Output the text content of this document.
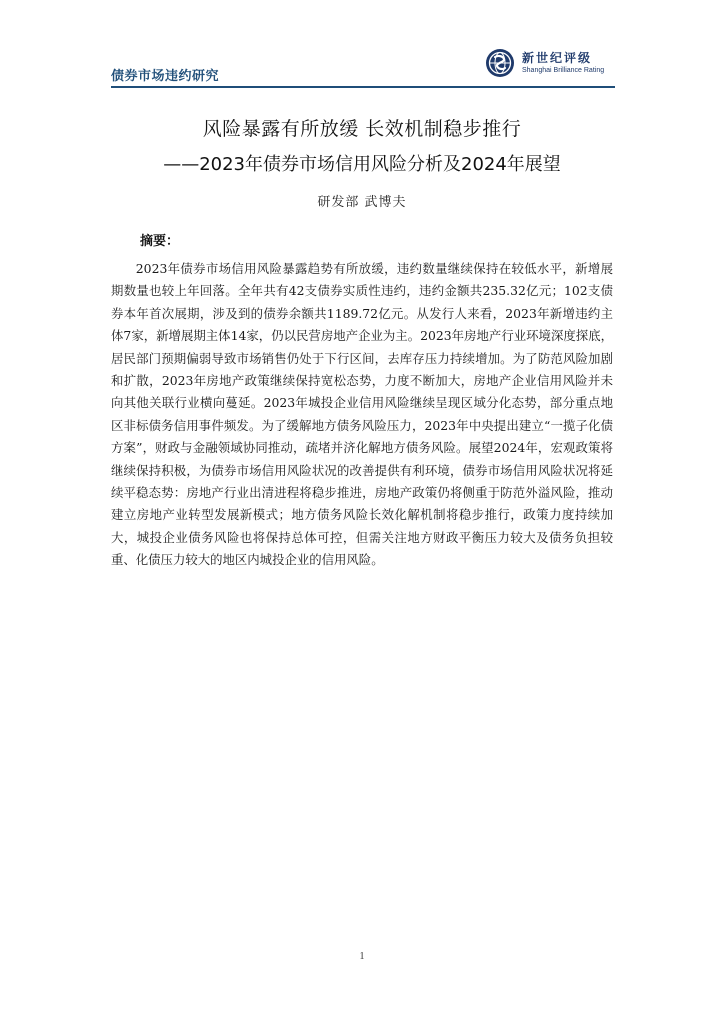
债券市场违约研究
新世纪评级
Shanghai Brilliance Rating
风险暴露有所放缓 长效机制稳步推行
——2023年债券市场信用风险分析及2024年展望
研发部 武博夫
摘要：

2023年债券市场信用风险暴露趋势有所放缓，违约数量继续保持在较低水平，新增展期数量也较上年回落。全年共有42支债券实质性违约，违约金额共235.32亿元；102支债券本年首次展期，涉及到的债券余额共1189.72亿元。从发行人来看，2023年新增违约主体7家，新增展期主体14家，仍以民营房地产企业为主。2023年房地产行业环境深度探底，居民部门预期偏弱导致市场销售仍处于下行区间，去库存压力持续增加。为了防范风险加剧和扩散，2023年房地产政策继续保持宽松态势，力度不断加大，房地产企业信用风险并未向其他关联行业横向蔓延。2023年城投企业信用风险继续呈现区域分化态势，部分重点地区非标债务信用事件频发。为了缓解地方债务风险压力，2023年中央提出建立“一揽子化债方案”，财政与金融领域协同推动，疏堵并济化解地方债务风险。展望2024年，宏观政策将继续保持积极，为债券市场信用风险状况的改善提供有利环境，债券市场信用风险状况将延续平稳态势：房地产行业出清进程将稳步推进，房地产政策仍将侧重于防范外溢风险，推动建立房地产业转型发展新模式；地方债务风险长效化解机制将稳步推行，政策力度持续加大，城投企业债务风险也将保持总体可控，但需关注地方财政平衡压力较大及债务负担较重、化债压力较大的地区内城投企业的信用风险。

1
